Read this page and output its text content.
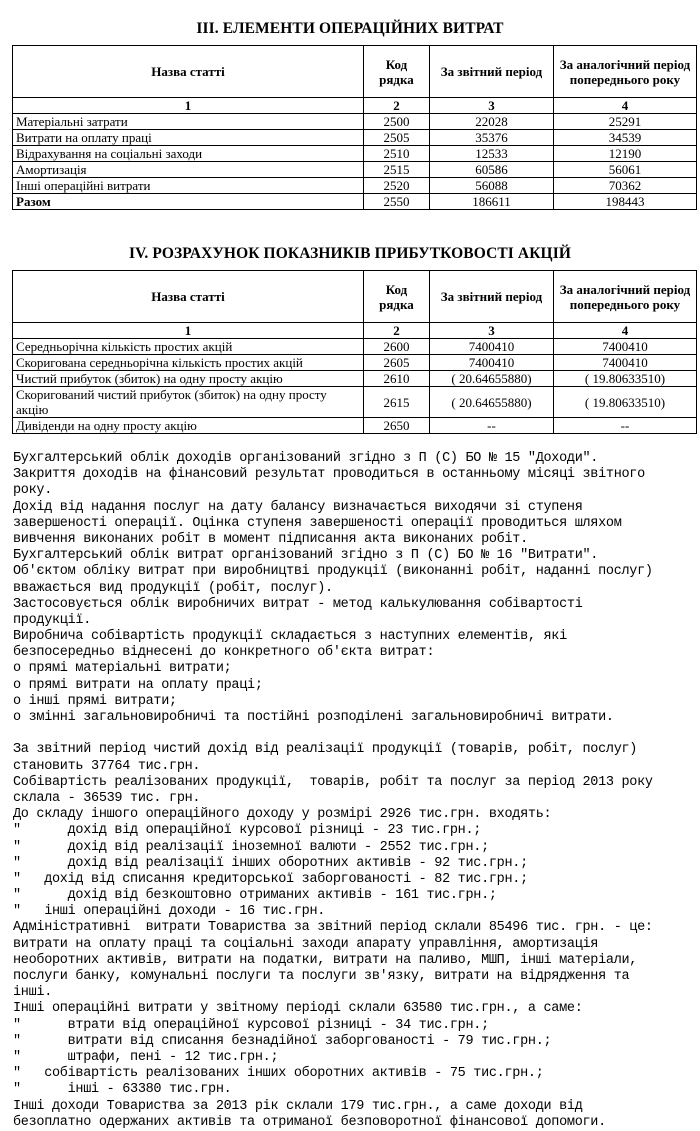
III. ЕЛЕМЕНТИ ОПЕРАЦІЙНИХ ВИТРАТ
Назва статті	Код рядка	За звітний період	За аналогічний період попереднього року
1	2	3	4
Матеріальні затрати	2500	22028	25291
Витрати на оплату праці	2505	35376	34539
Відрахування на соціальні заходи	2510	12533	12190
Амортизація	2515	60586	56061
Інші операційні витрати	2520	56088	70362
Разом	2550	186611	198443
IV. РОЗРАХУНОК ПОКАЗНИКІВ ПРИБУТКОВОСТІ АКЦІЙ
Назва статті	Код рядка	За звітний період	За аналогічний період попереднього року
1	2	3	4
Середньорічна кількість простих акцій	2600	7400410	7400410
Скоригована середньорічна кількість простих акцій	2605	7400410	7400410
Чистий прибуток (збиток) на одну просту акцію	2610	( 20.64655880)	( 19.80633510)
Скоригований чистий прибуток (збиток) на одну просту акцію	2615	( 20.64655880)	( 19.80633510)
Дивіденди на одну просту акцію	2650	--	--
Бухгалтерський облік доходів організований згідно з П (С) БО № 15 "Доходи".
Закриття доходів на фінансовий результат проводиться в останньому місяці звітного
року.
Дохід від надання послуг на дату балансу визначається виходячи зі ступеня
завершеності операції. Оцінка ступеня завершеності операції проводиться шляхом
вивчення виконаних робіт в момент підписання акта виконаних робіт.
Бухгалтерський облік витрат організований згідно з П (С) БО № 16 "Витрати".
Об'єктом обліку витрат при виробництві продукції (виконанні робіт, наданні послуг)
вважається вид продукції (робіт, послуг).
Застосовується облік виробничих витрат - метод калькулювання собівартості
продукції.
Виробнича собівартість продукції складається з наступних елементів, які
безпосередньо віднесені до конкретного об'єкта витрат:
o прямі матеріальні витрати;
o прямі витрати на оплату праці;
o інші прямі витрати;
o змінні загальновиробничі та постійні розподілені загальновиробничі витрати.
За звітний період чистий дохід від реалізації продукції (товарів, робіт, послуг)
становить 37764 тис.грн.
Собівартість реалізованих продукції,  товарів, робіт та послуг за період 2013 року
склала - 36539 тис. грн.
До складу іншого операційного доходу у розмірі 2926 тис.грн. входять:
"      дохід від операційної курсової різниці - 23 тис.грн.;
"      дохід від реалізації іноземної валюти - 2552 тис.грн.;
"      дохід від реалізації інших оборотних активів - 92 тис.грн.;
"   дохід від списання кредиторської заборгованості - 82 тис.грн.;
"      дохід від безкоштовно отриманих активів - 161 тис.грн.;
"   інші операційні доходи - 16 тис.грн.
Адміністративні  витрати Товариства за звітний період склали 85496 тис. грн. - це:
витрати на оплату праці та соціальні заходи апарату управління, амортизація
необоротних активів, витрати на податки, витрати на паливо, МШП, інші матеріали,
послуги банку, комунальні послуги та послуги зв'язку, витрати на відрядження та
інші.
Інші операційні витрати у звітному періоді склали 63580 тис.грн., а саме:
"      втрати від операційної курсової різниці - 34 тис.грн.;
"      витрати від списання безнадійної заборгованості - 79 тис.грн.;
"      штрафи, пені - 12 тис.грн.;
"   собівартість реалізованих інших оборотних активів - 75 тис.грн.;
"      інші - 63380 тис.грн.
Інші доходи Товариства за 2013 рік склали 179 тис.грн., а саме доходи від
безоплатно одержаних активів та отриманої безповоротної фінансової допомоги.
